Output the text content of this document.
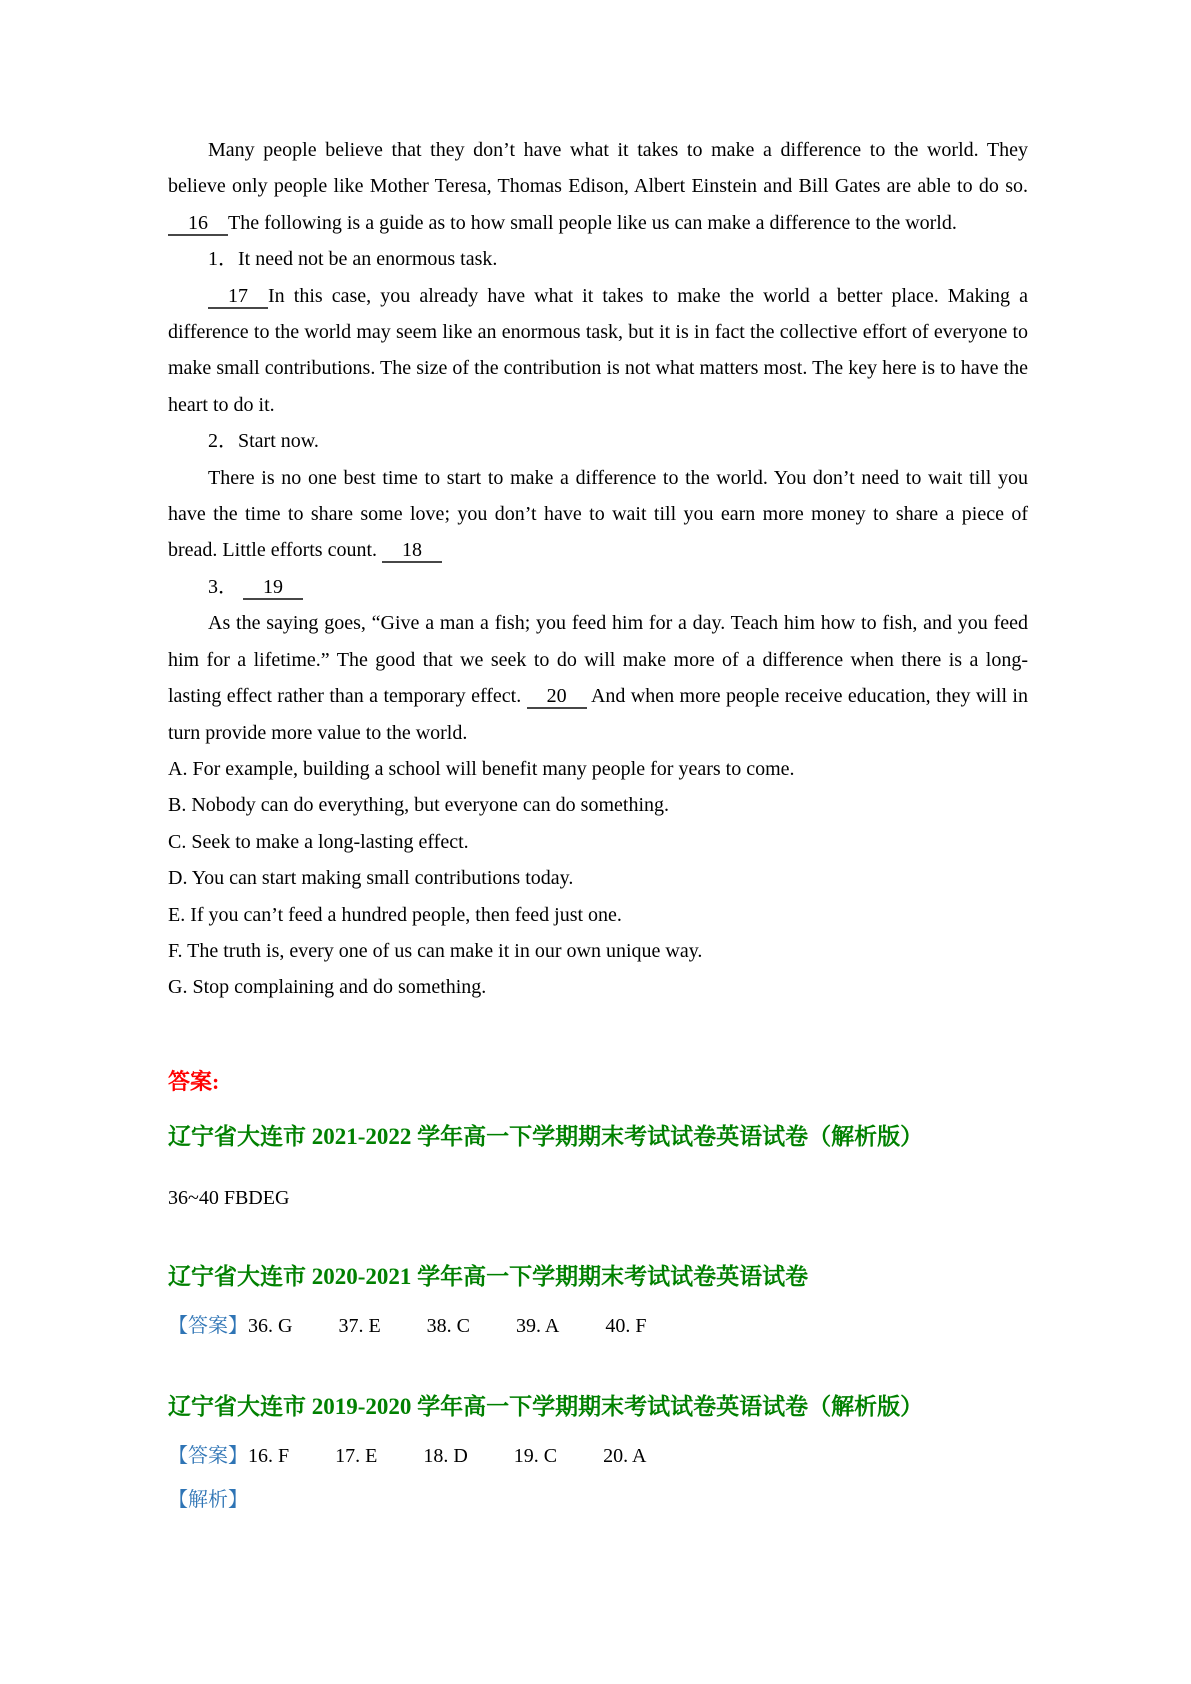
Many people believe that they don’t have what it takes to make a difference to the world. They believe only people like Mother Teresa, Thomas Edison, Albert Einstein and Bill Gates are able to do so.16 The following is a guide as to how small people like us can make a difference to the world.

1．It need not be an enormous task.

17 In this case, you already have what it takes to make the world a better place. Making a difference to the world may seem like an enormous task, but it is in fact the collective effort of everyone to make small contributions. The size of the contribution is not what matters most. The key here is to have the heart to do it.

2．Start now.

There is no one best time to start to make a difference to the world. You don’t need to wait till you have the time to share some love; you don’t have to wait till you earn more money to share a piece of bread. Little efforts count. 18

3． 19

As the saying goes, “Give a man a fish; you feed him for a day. Teach him how to fish, and you feed him for a lifetime.” The good that we seek to do will make more of a difference when there is a long-lasting effect rather than a temporary effect. 20 And when more people receive education, they will in turn provide more value to the world.

A. For example, building a school will benefit many people for years to come.

B. Nobody can do everything, but everyone can do something.

C. Seek to make a long-lasting effect.

D. You can start making small contributions today.

E. If you can’t feed a hundred people, then feed just one.

F. The truth is, every one of us can make it in our own unique way.

G. Stop complaining and do something.

答案:

辽宁省大连市 2021-2022 学年高一下学期期末考试试卷英语试卷（解析版）

36~40 FBDEG

辽宁省大连市 2020-2021 学年高一下学期期末考试试卷英语试卷

【答案】36. G 37. E 38. C 39. A 40. F

辽宁省大连市 2019-2020 学年高一下学期期末考试试卷英语试卷（解析版）

【答案】16. F 17. E 18. D 19. C 20. A

【解析】
